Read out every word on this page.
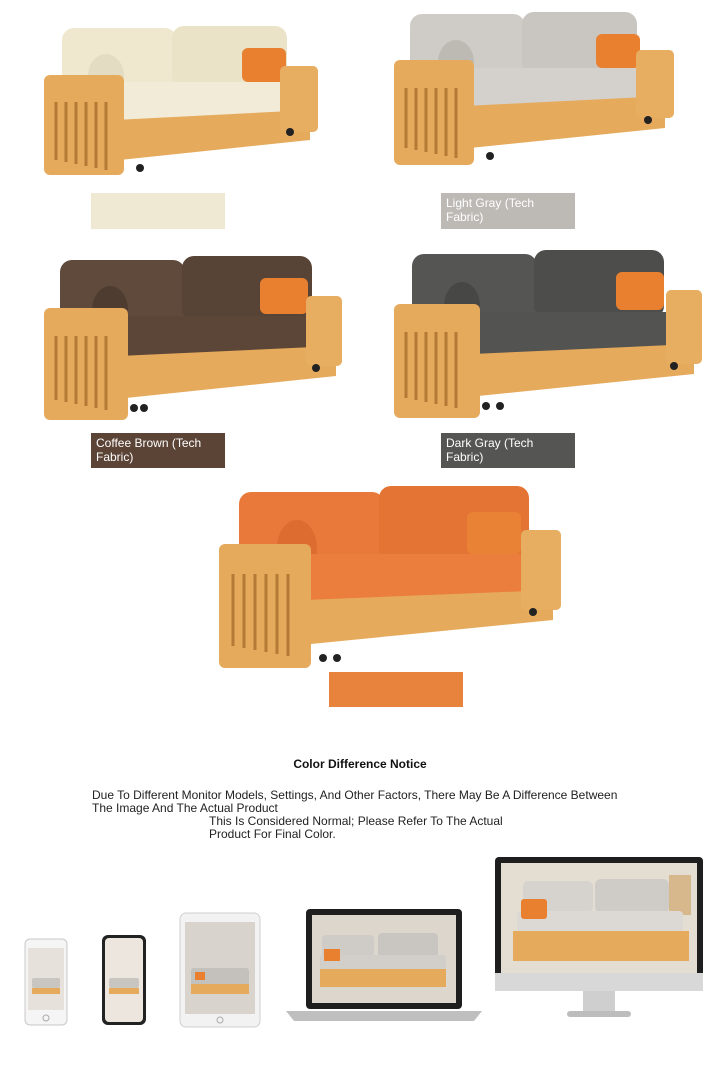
Light Gray (Tech Fabric)
Coffee Brown (Tech Fabric)
Dark Gray (Tech Fabric)
Color Difference Notice
Due To Different Monitor Models, Settings, And Other Factors, There May Be A Difference Between
The Image And The Actual Product
This Is Considered Normal; Please Refer To The Actual
Product For Final Color.
